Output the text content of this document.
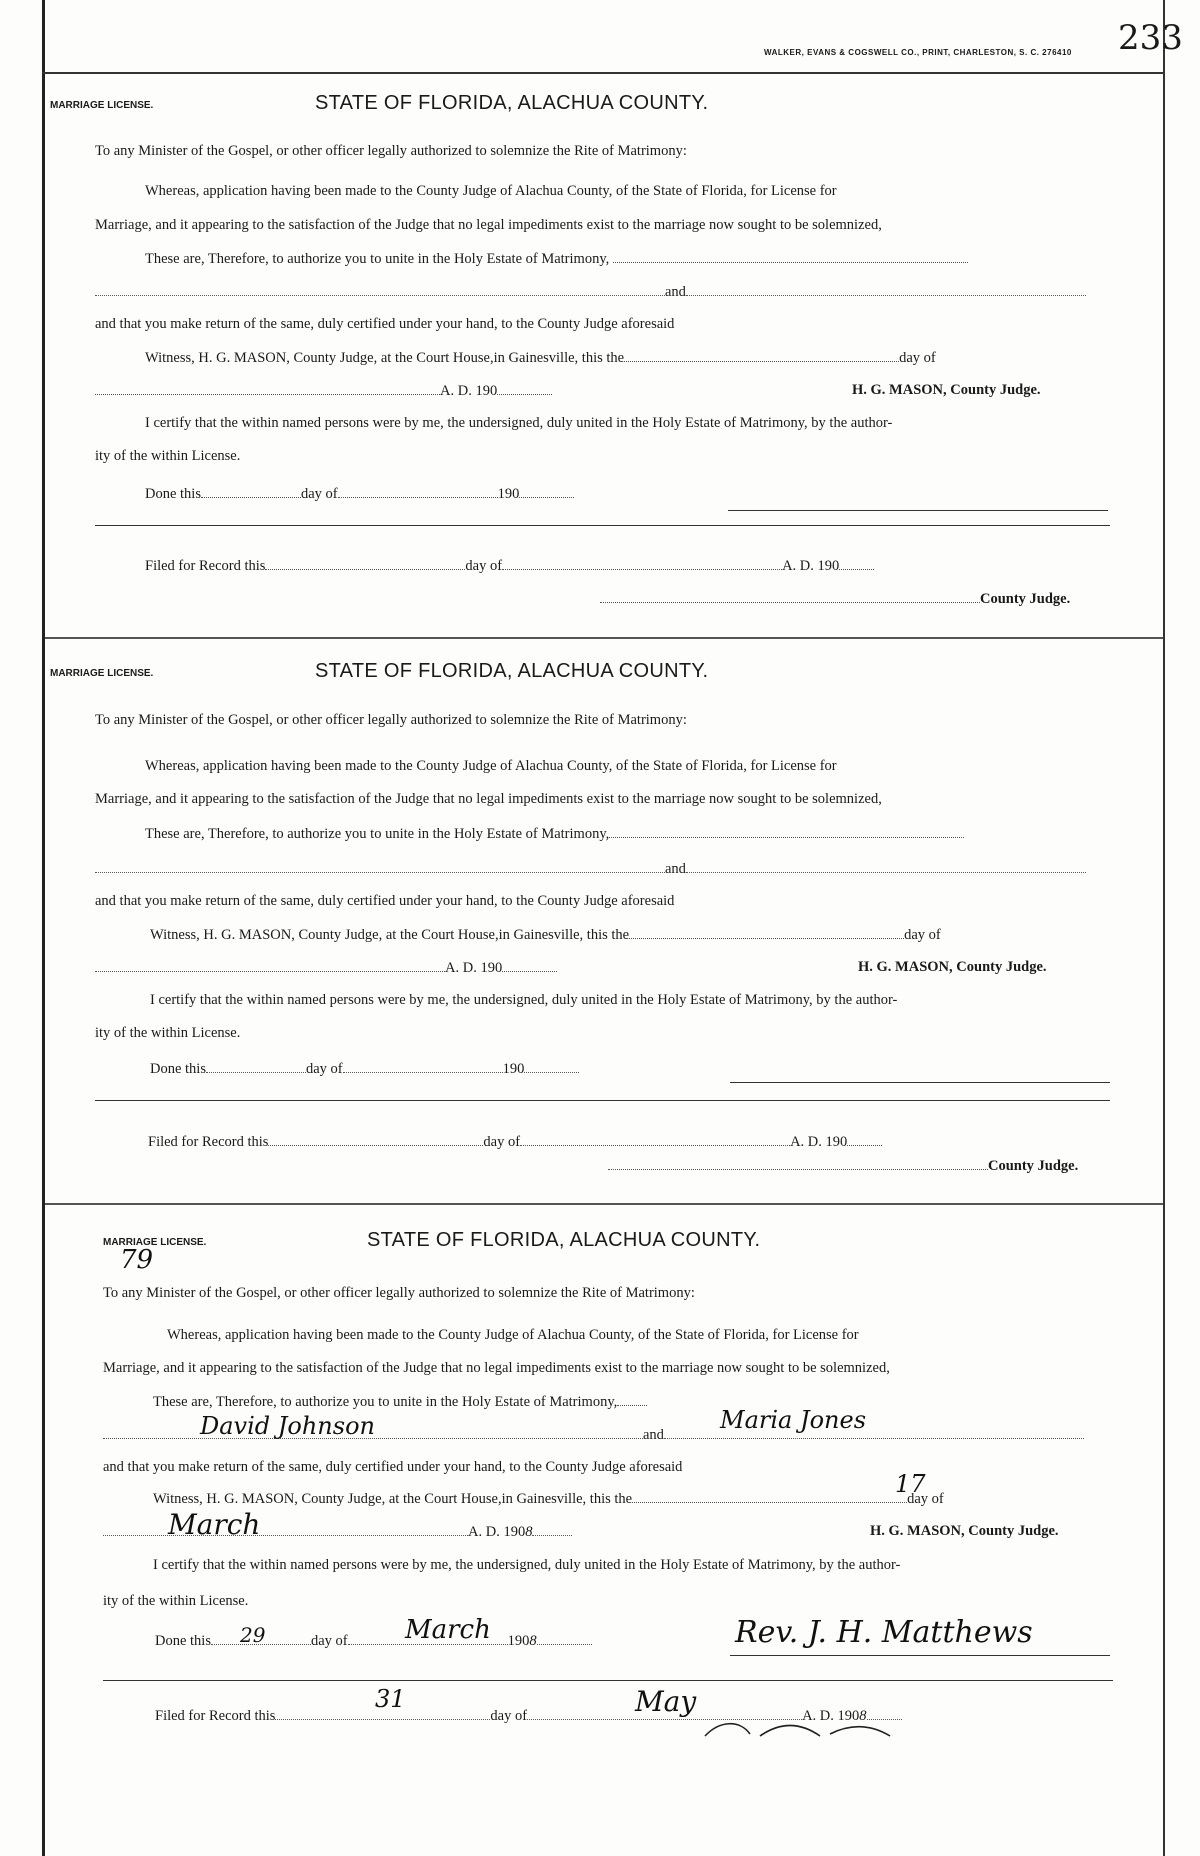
WALKER, EVANS & COGSWELL CO., PRINT, CHARLESTON, S. C. 276410 233
MARRIAGE LICENSE.	STATE OF FLORIDA, ALACHUA COUNTY.
To any Minister of the Gospel, or other officer legally authorized to solemnize the Rite of Matrimony:
Whereas, application having been made to the County Judge of Alachua County, of the State of Florida, for License for
Marriage, and it appearing to the satisfaction of the Judge that no legal impediments exist to the marriage now sought to be solemnized,
These are, Therefore, to authorize you to unite in the Holy Estate of Matrimony,
and
and that you make return of the same, duly certified under your hand, to the County Judge aforesaid
Witness, H. G. MASON, County Judge, at the Court House,in Gainesville, this the	day of
A. D. 190	H. G. MASON, County Judge.
I certify that the within named persons were by me, the undersigned, duly united in the Holy Estate of Matrimony, by the author-
ity of the within License.
Done this	day of	190
Filed for Record this	day of	A. D. 190
County Judge.
MARRIAGE LICENSE.	STATE OF FLORIDA, ALACHUA COUNTY.
To any Minister of the Gospel, or other officer legally authorized to solemnize the Rite of Matrimony:
Whereas, application having been made to the County Judge of Alachua County, of the State of Florida, for License for
Marriage, and it appearing to the satisfaction of the Judge that no legal impediments exist to the marriage now sought to be solemnized,
These are, Therefore, to authorize you to unite in the Holy Estate of Matrimony,
and
and that you make return of the same, duly certified under your hand, to the County Judge aforesaid
Witness, H. G. MASON, County Judge, at the Court House,in Gainesville, this the	day of
A. D. 190	H. G. MASON, County Judge.
I certify that the within named persons were by me, the undersigned, duly united in the Holy Estate of Matrimony, by the author-
ity of the within License.
Done this	day of	190
Filed for Record this	day of	A. D. 190
County Judge.
MARRIAGE LICENSE.
79
STATE OF FLORIDA, ALACHUA COUNTY.
To any Minister of the Gospel, or other officer legally authorized to solemnize the Rite of Matrimony:
Whereas, application having been made to the County Judge of Alachua County, of the State of Florida, for License for
Marriage, and it appearing to the satisfaction of the Judge that no legal impediments exist to the marriage now sought to be solemnized,
These are, Therefore, to authorize you to unite in the Holy Estate of Matrimony,
and
David Johnson	Maria Jones
and that you make return of the same, duly certified under your hand, to the County Judge aforesaid
Witness, H. G. MASON, County Judge, at the Court House,in Gainesville, this the	day of
17
A. D. 1908
March	H. G. MASON, County Judge.
I certify that the within named persons were by me, the undersigned, duly united in the Holy Estate of Matrimony, by the author-
ity of the within License.
Done this	day of	1908
29	March	Rev. J. H. Matthews
Filed for Record this	day of	A. D. 1908
31	May
